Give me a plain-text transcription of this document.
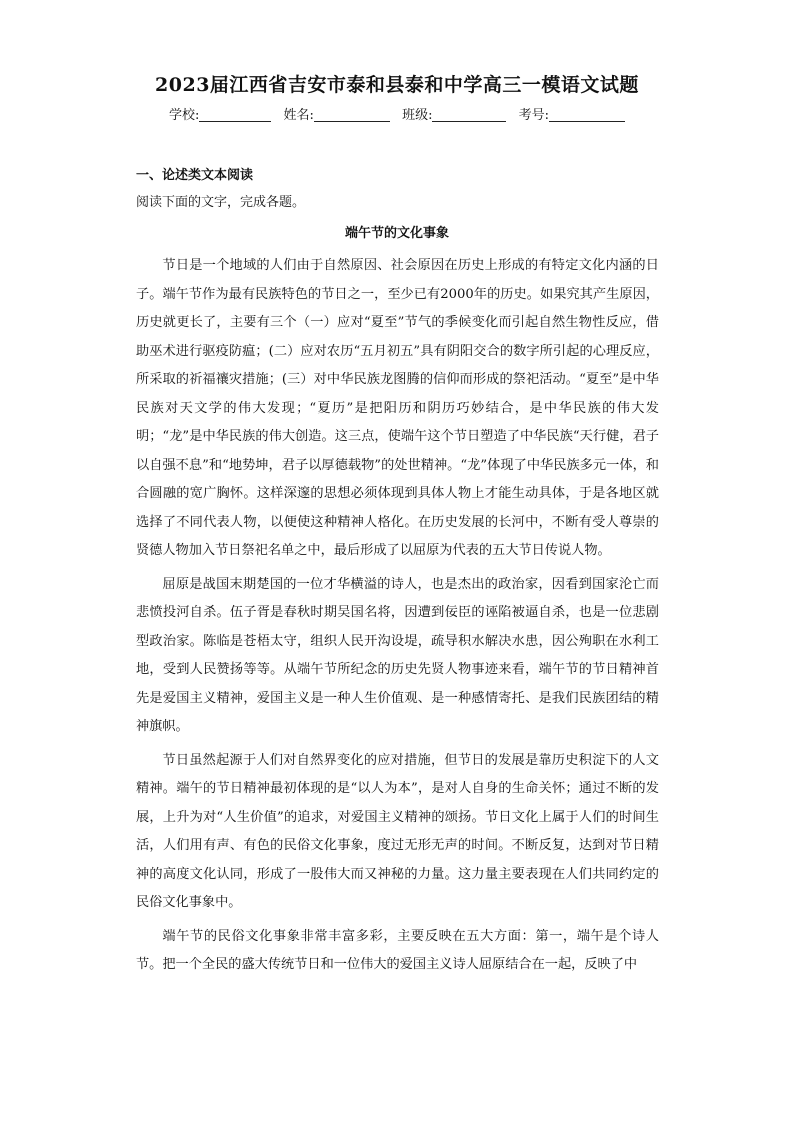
2023届江西省吉安市泰和县泰和中学高三一模语文试题
学校:	姓名:	班级:	考号:
一、论述类文本阅读
阅读下面的文字，完成各题。
端午节的文化事象

节日是一个地域的人们由于自然原因、社会原因在历史上形成的有特定文化内涵的日子。端午节作为最有民族特色的节日之一，至少已有2000年的历史。如果究其产生原因，历史就更长了，主要有三个（一）应对“夏至”节气的季候变化而引起自然生物性反应，借助巫术进行驱疫防瘟；(二）应对农历“五月初五”具有阴阳交合的数字所引起的心理反应，所采取的祈福禳灾措施；(三）对中华民族龙图腾的信仰而形成的祭祀活动。“夏至”是中华民族对天文学的伟大发现；“夏历”是把阳历和阴历巧妙结合，是中华民族的伟大发明；“龙”是中华民族的伟大创造。这三点，使端午这个节日塑造了中华民族“天行健，君子以自强不息”和“地势坤，君子以厚德载物”的处世精神。“龙”体现了中华民族多元一体，和合圆融的宽广胸怀。这样深邃的思想必须体现到具体人物上才能生动具体，于是各地区就选择了不同代表人物，以便使这种精神人格化。在历史发展的长河中，不断有受人尊崇的贤德人物加入节日祭祀名单之中，最后形成了以屈原为代表的五大节日传说人物。

屈原是战国末期楚国的一位才华横溢的诗人，也是杰出的政治家，因看到国家沦亡而悲愤投河自杀。伍子胥是春秋时期吴国名将，因遭到佞臣的诬陷被逼自杀，也是一位悲剧型政治家。陈临是苍梧太守，组织人民开沟设堤，疏导积水解决水患，因公殉职在水利工地，受到人民赞扬等等。从端午节所纪念的历史先贤人物事迹来看，端午节的节日精神首先是爱国主义精神，爱国主义是一种人生价值观、是一种感情寄托、是我们民族团结的精神旗帜。

节日虽然起源于人们对自然界变化的应对措施，但节日的发展是靠历史积淀下的人文精神。端午的节日精神最初体现的是“以人为本”，是对人自身的生命关怀；通过不断的发展，上升为对“人生价值”的追求，对爱国主义精神的颂扬。节日文化上属于人们的时间生活，人们用有声、有色的民俗文化事象，度过无形无声的时间。不断反复，达到对节日精神的高度文化认同，形成了一股伟大而又神秘的力量。这力量主要表现在人们共同约定的民俗文化事象中。

端午节的民俗文化事象非常丰富多彩，主要反映在五大方面：第一，端午是个诗人节。把一个全民的盛大传统节日和一位伟大的爱国主义诗人屈原结合在一起，反映了中
